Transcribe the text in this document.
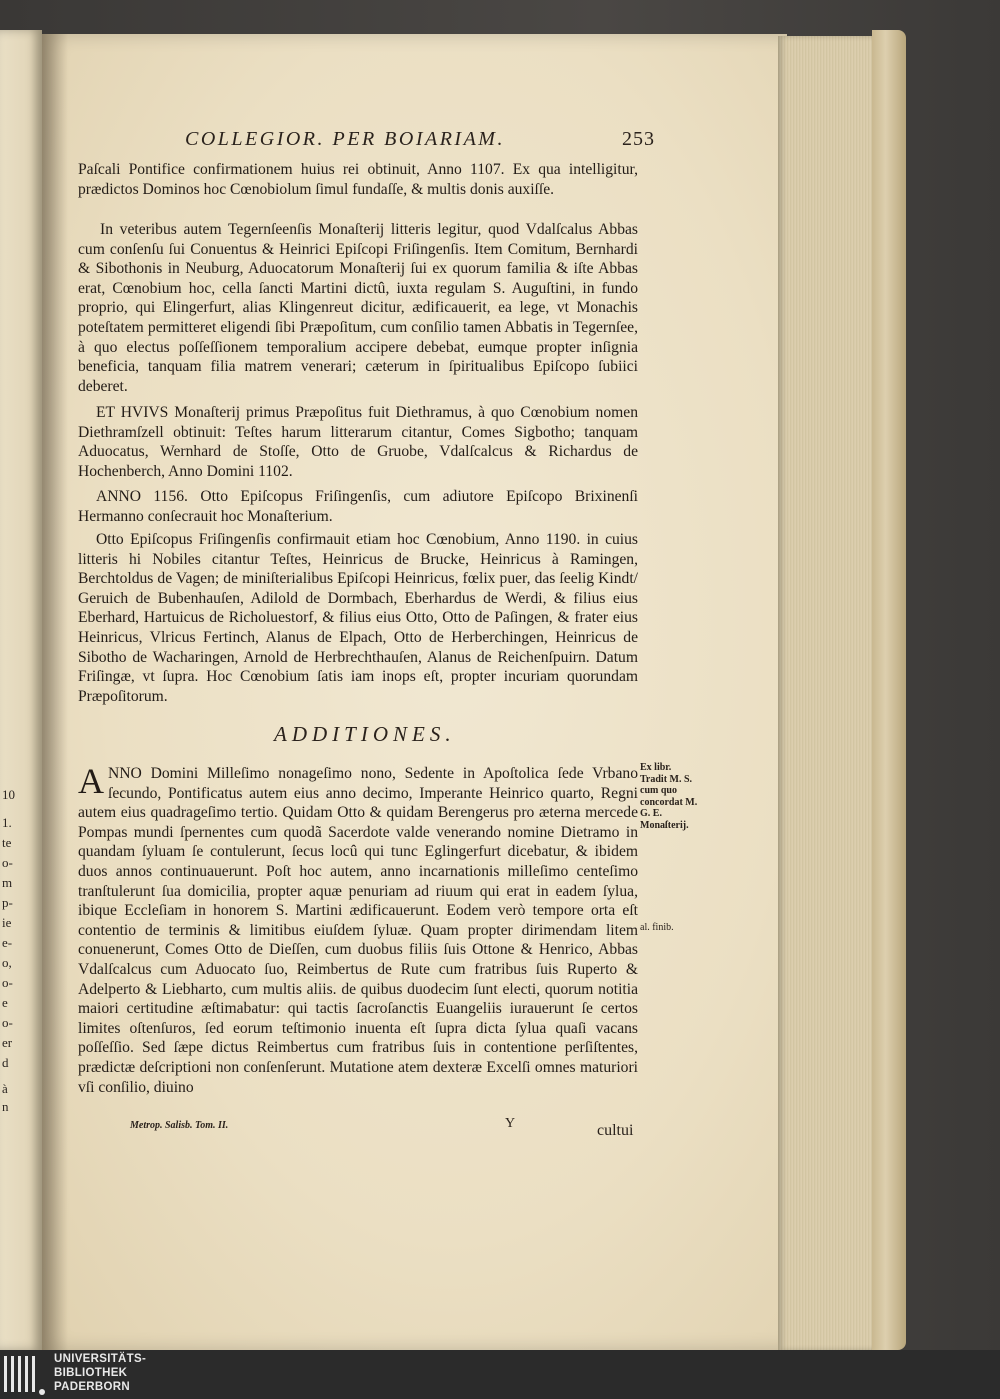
10
1.
te
o-
m
p-
ie
e-
o,
o-
e
o-
er
d
à
n
COLLEGIOR. PER BOIARIAM.	253

Paſcali Pontifice confirmationem huius rei obtinuit, Anno 1107. Ex qua intelligitur, prædictos Dominos hoc Cœnobiolum ſimul fundaſſe, & multis donis auxiſſe.

In veteribus autem Tegernſeenſis Monaſterij litteris legitur, quod Vdalſcalus Abbas cum conſenſu ſui Conuentus & Heinrici Epiſcopi Friſingenſis. Item Comitum, Bernhardi & Sibothonis in Neuburg, Aduocatorum Monaſterij ſui ex quorum familia & iſte Abbas erat, Cœnobium hoc, cella ſancti Martini dictû, iuxta regulam S. Auguſtini, in fundo proprio, qui Elingerfurt, alias Klingenreut dicitur, ædificauerit, ea lege, vt Monachis poteſtatem permitteret eligendi ſibi Præpoſitum, cum conſilio tamen Abbatis in Tegernſee, à quo electus poſſeſſionem temporalium accipere debebat, eumque propter inſignia beneficia, tanquam filia matrem venerari; cæterum in ſpiritualibus Epiſcopo ſubiici deberet.

ET HVIVS Monaſterij primus Præpoſitus fuit Diethramus, à quo Cœnobium nomen Diethramſzell obtinuit: Teſtes harum litterarum citantur, Comes Sigbotho; tanquam Aduocatus, Wernhard de Stoſſe, Otto de Gruobe, Vdalſcalcus & Richardus de Hochenberch, Anno Domini 1102.

ANNO 1156. Otto Epiſcopus Friſingenſis, cum adiutore Epiſcopo Brixinenſi Hermanno conſecrauit hoc Monaſterium.

Otto Epiſcopus Friſingenſis confirmauit etiam hoc Cœnobium, Anno 1190. in cuius litteris hi Nobiles citantur Teſtes, Heinricus de Brucke, Heinricus à Ramingen, Berchtoldus de Vagen; de miniſterialibus Epiſcopi Heinricus, fœlix puer, das ſeelig Kindt/ Geruich de Bubenhauſen, Adilold de Dormbach, Eberhardus de Werdi, & filius eius Eberhard, Hartuicus de Richoluestorf, & filius eius Otto, Otto de Paſingen, & frater eius Heinricus, Vlricus Fertinch, Alanus de Elpach, Otto de Herberchingen, Heinricus de Sibotho de Wacharingen, Arnold de Herbrechthauſen, Alanus de Reichenſpuirn. Datum Friſingæ, vt ſupra. Hoc Cœnobium ſatis iam inops eſt, propter incuriam quorundam Præpoſitorum.

ADDITIONES.
A NNO Domini Milleſimo nonageſimo nono, Sedente in Apoſtolica ſede Vrbano ſecundo, Pontificatus autem eius anno decimo, Imperante Heinrico quarto, Regni autem eius quadrageſimo tertio. Quidam Otto & quidam Berengerus pro æterna mercede Pompas mundi ſpernentes cum quodã Sacerdote valde venerando nomine Dietramo in quandam ſyluam ſe contulerunt, ſecus locû qui tunc Eglingerfurt dicebatur, & ibidem duos annos continuauerunt. Poſt hoc autem, anno incarnationis milleſimo centeſimo tranſtulerunt ſua domicilia, propter aquæ penuriam ad riuum qui erat in eadem ſylua, ibique Eccleſiam in honorem S. Martini ædificauerunt. Eodem verò tempore orta eſt contentio de terminis & limitibus eiuſdem ſyluæ. Quam propter dirimendam litem conuenerunt, Comes Otto de Dieſſen, cum duobus filiis ſuis Ottone & Henrico, Abbas Vdalſcalcus cum Aduocato ſuo, Reimbertus de Rute cum fratribus ſuis Ruperto & Adelperto & Liebharto, cum multis aliis. de quibus duodecim ſunt electi, quorum notitia maiori certitudine æſtimabatur: qui tactis ſacroſanctis Euangeliis iurauerunt ſe certos limites oſtenſuros, ſed eorum teſtimonio inuenta eſt ſupra dicta ſylua quaſi vacans poſſeſſio. Sed ſæpe dictus Reimbertus cum fratribus ſuis in contentione perſiſtentes, prædictæ deſcriptioni non conſenſerunt. Mutatione atem dexteræ Excelſi omnes maturiori vſi conſilio, diuino
Ex libr. Tradit M. S. cum quo concordat M. G. E. Monaſterij.
al. finib.
Metrop. Salisb. Tom. II.	Y	cultui
UNIVERSITÄTS-
BIBLIOTHEK
PADERBORN
